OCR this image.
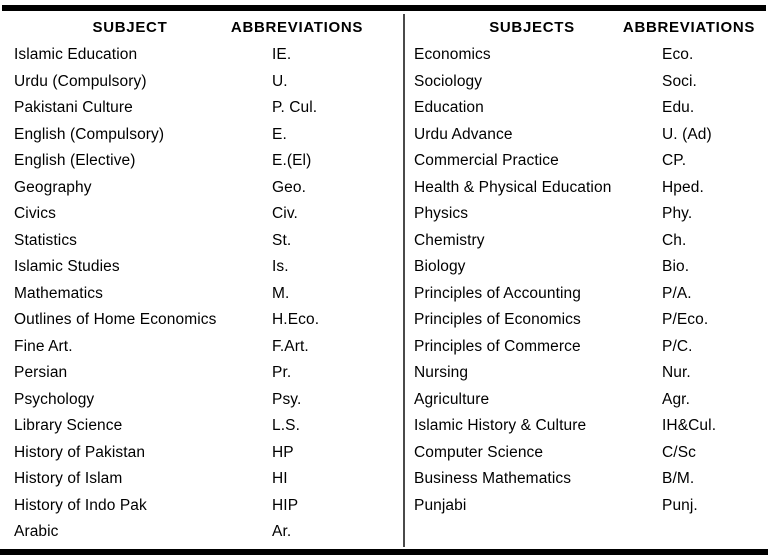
SUBJECT	ABBREVIATIONS
Islamic Education	IE.
Urdu (Compulsory)	U.
Pakistani Culture	P. Cul.
English (Compulsory)	E.
English (Elective)	E.(El)
Geography	Geo.
Civics	Civ.
Statistics	St.
Islamic Studies	Is.
Mathematics	M.
Outlines of Home Economics	H.Eco.
Fine Art.	F.Art.
Persian	Pr.
Psychology	Psy.
Library Science	L.S.
History of Pakistan	HP
History of Islam	HI
History of Indo Pak	HIP
Arabic	Ar.
SUBJECTS	ABBREVIATIONS
Economics	Eco.
Sociology	Soci.
Education	Edu.
Urdu Advance	U. (Ad)
Commercial Practice	CP.
Health & Physical Education	Hped.
Physics	Phy.
Chemistry	Ch.
Biology	Bio.
Principles of Accounting	P/A.
Principles of Economics	P/Eco.
Principles of Commerce	P/C.
Nursing	Nur.
Agriculture	Agr.
Islamic History & Culture	IH&Cul.
Computer Science	C/Sc
Business Mathematics	B/M.
Punjabi	Punj.
